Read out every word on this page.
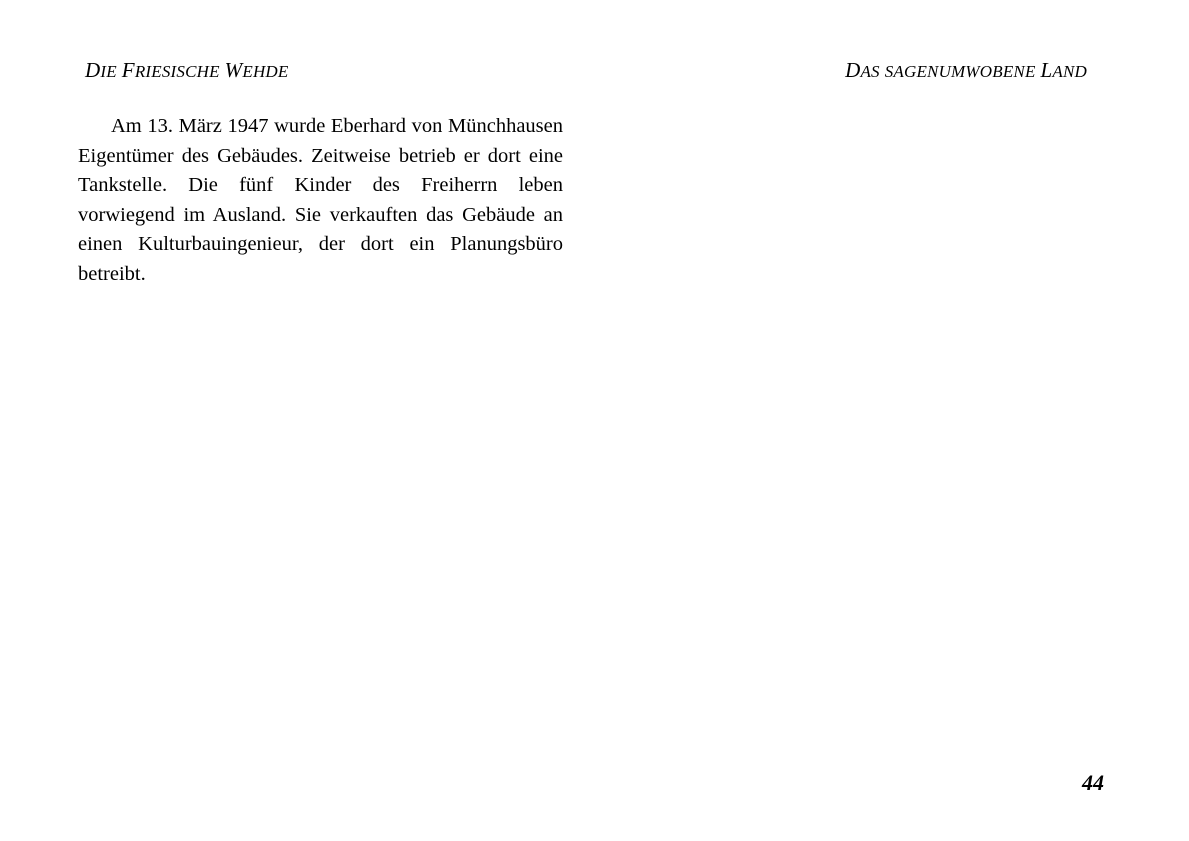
DIE FRIESISCHE WEHDE	DAS SAGENUMWOBENE LAND

Am 13. März 1947 wurde Eberhard von Münchhausen Eigentümer des Gebäudes. Zeitweise betrieb er dort eine Tankstelle. Die fünf Kinder des Freiherrn leben vorwiegend im Ausland. Sie verkauften das Gebäude an einen Kulturbauingenieur, der dort ein Planungsbüro betreibt.

44
